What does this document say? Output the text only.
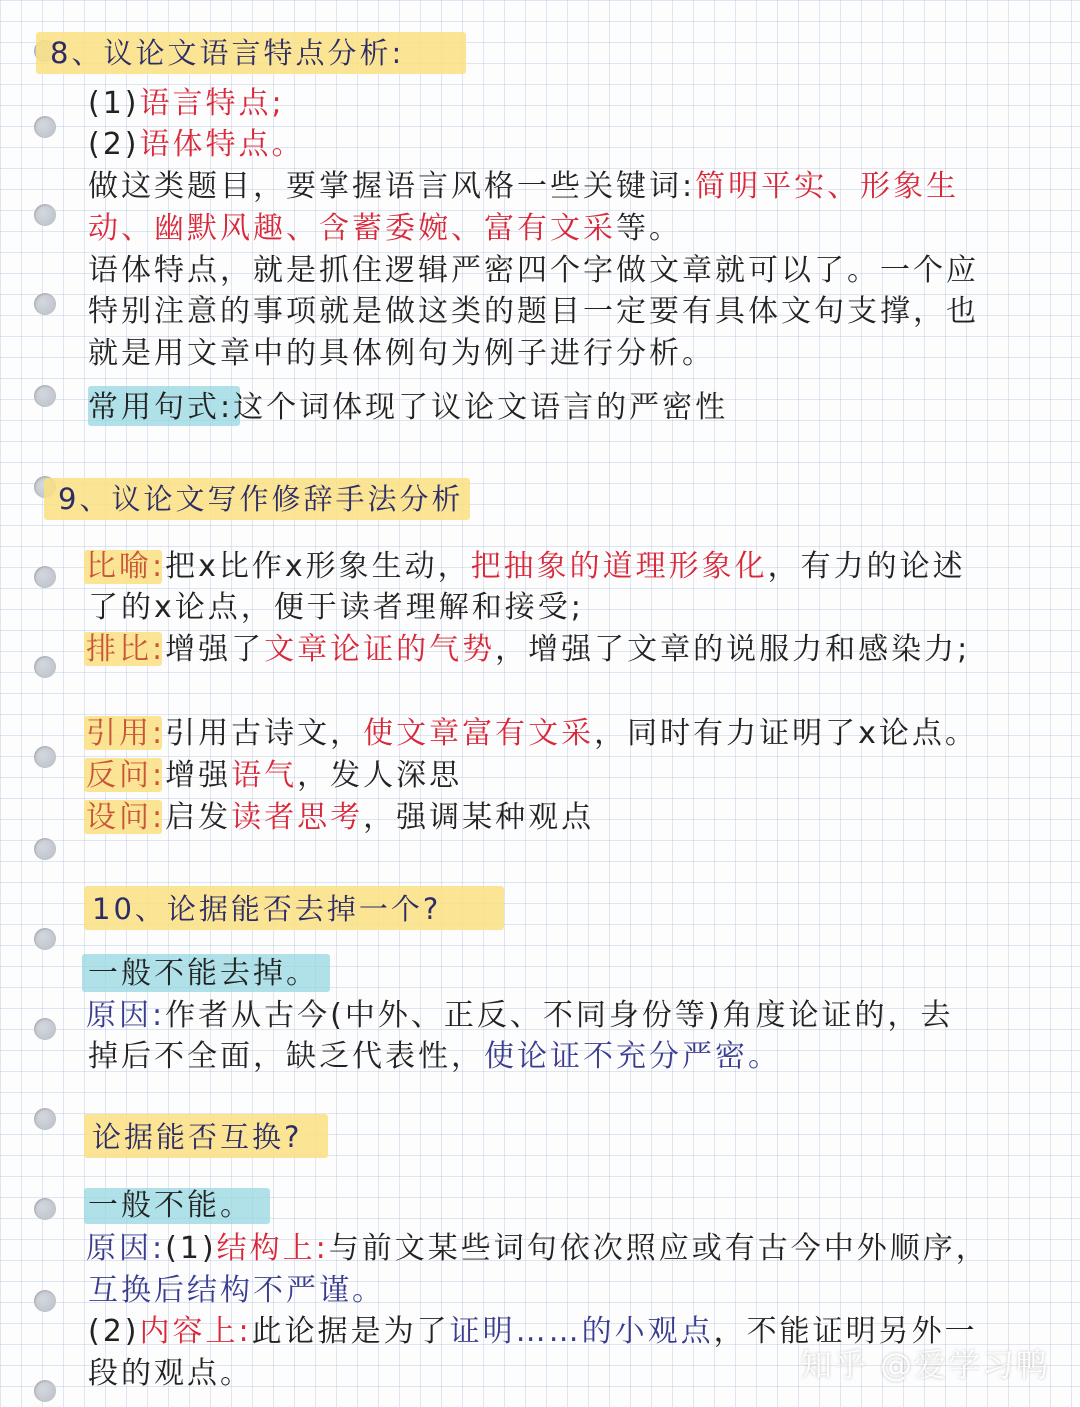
8、议论文语言特点分析:
(1)语言特点;
(2)语体特点。
做这类题目，要掌握语言风格一些关键词:简明平实、形象生
动、幽默风趣、含蓄委婉、富有文采等。
语体特点，就是抓住逻辑严密四个字做文章就可以了。一个应
特别注意的事项就是做这类的题目一定要有具体文句支撑，也
就是用文章中的具体例句为例子进行分析。
常用句式:这个词体现了议论文语言的严密性
9、议论文写作修辞手法分析
比喻:把x比作x形象生动，把抽象的道理形象化，有力的论述
了的x论点，便于读者理解和接受;
排比:增强了文章论证的气势，增强了文章的说服力和感染力;
引用:引用古诗文，使文章富有文采，同时有力证明了x论点。
反问:增强语气，发人深思
设问:启发读者思考，强调某种观点
10、论据能否去掉一个?
一般不能去掉。
原因:作者从古今(中外、正反、不同身份等)角度论证的，去
掉后不全面，缺乏代表性，使论证不充分严密。
论据能否互换?
一般不能。
原因:(1)结构上:与前文某些词句依次照应或有古今中外顺序，
互换后结构不严谨。
(2)内容上:此论据是为了证明……的小观点，不能证明另外一
段的观点。	知乎 @爱学习鸭
